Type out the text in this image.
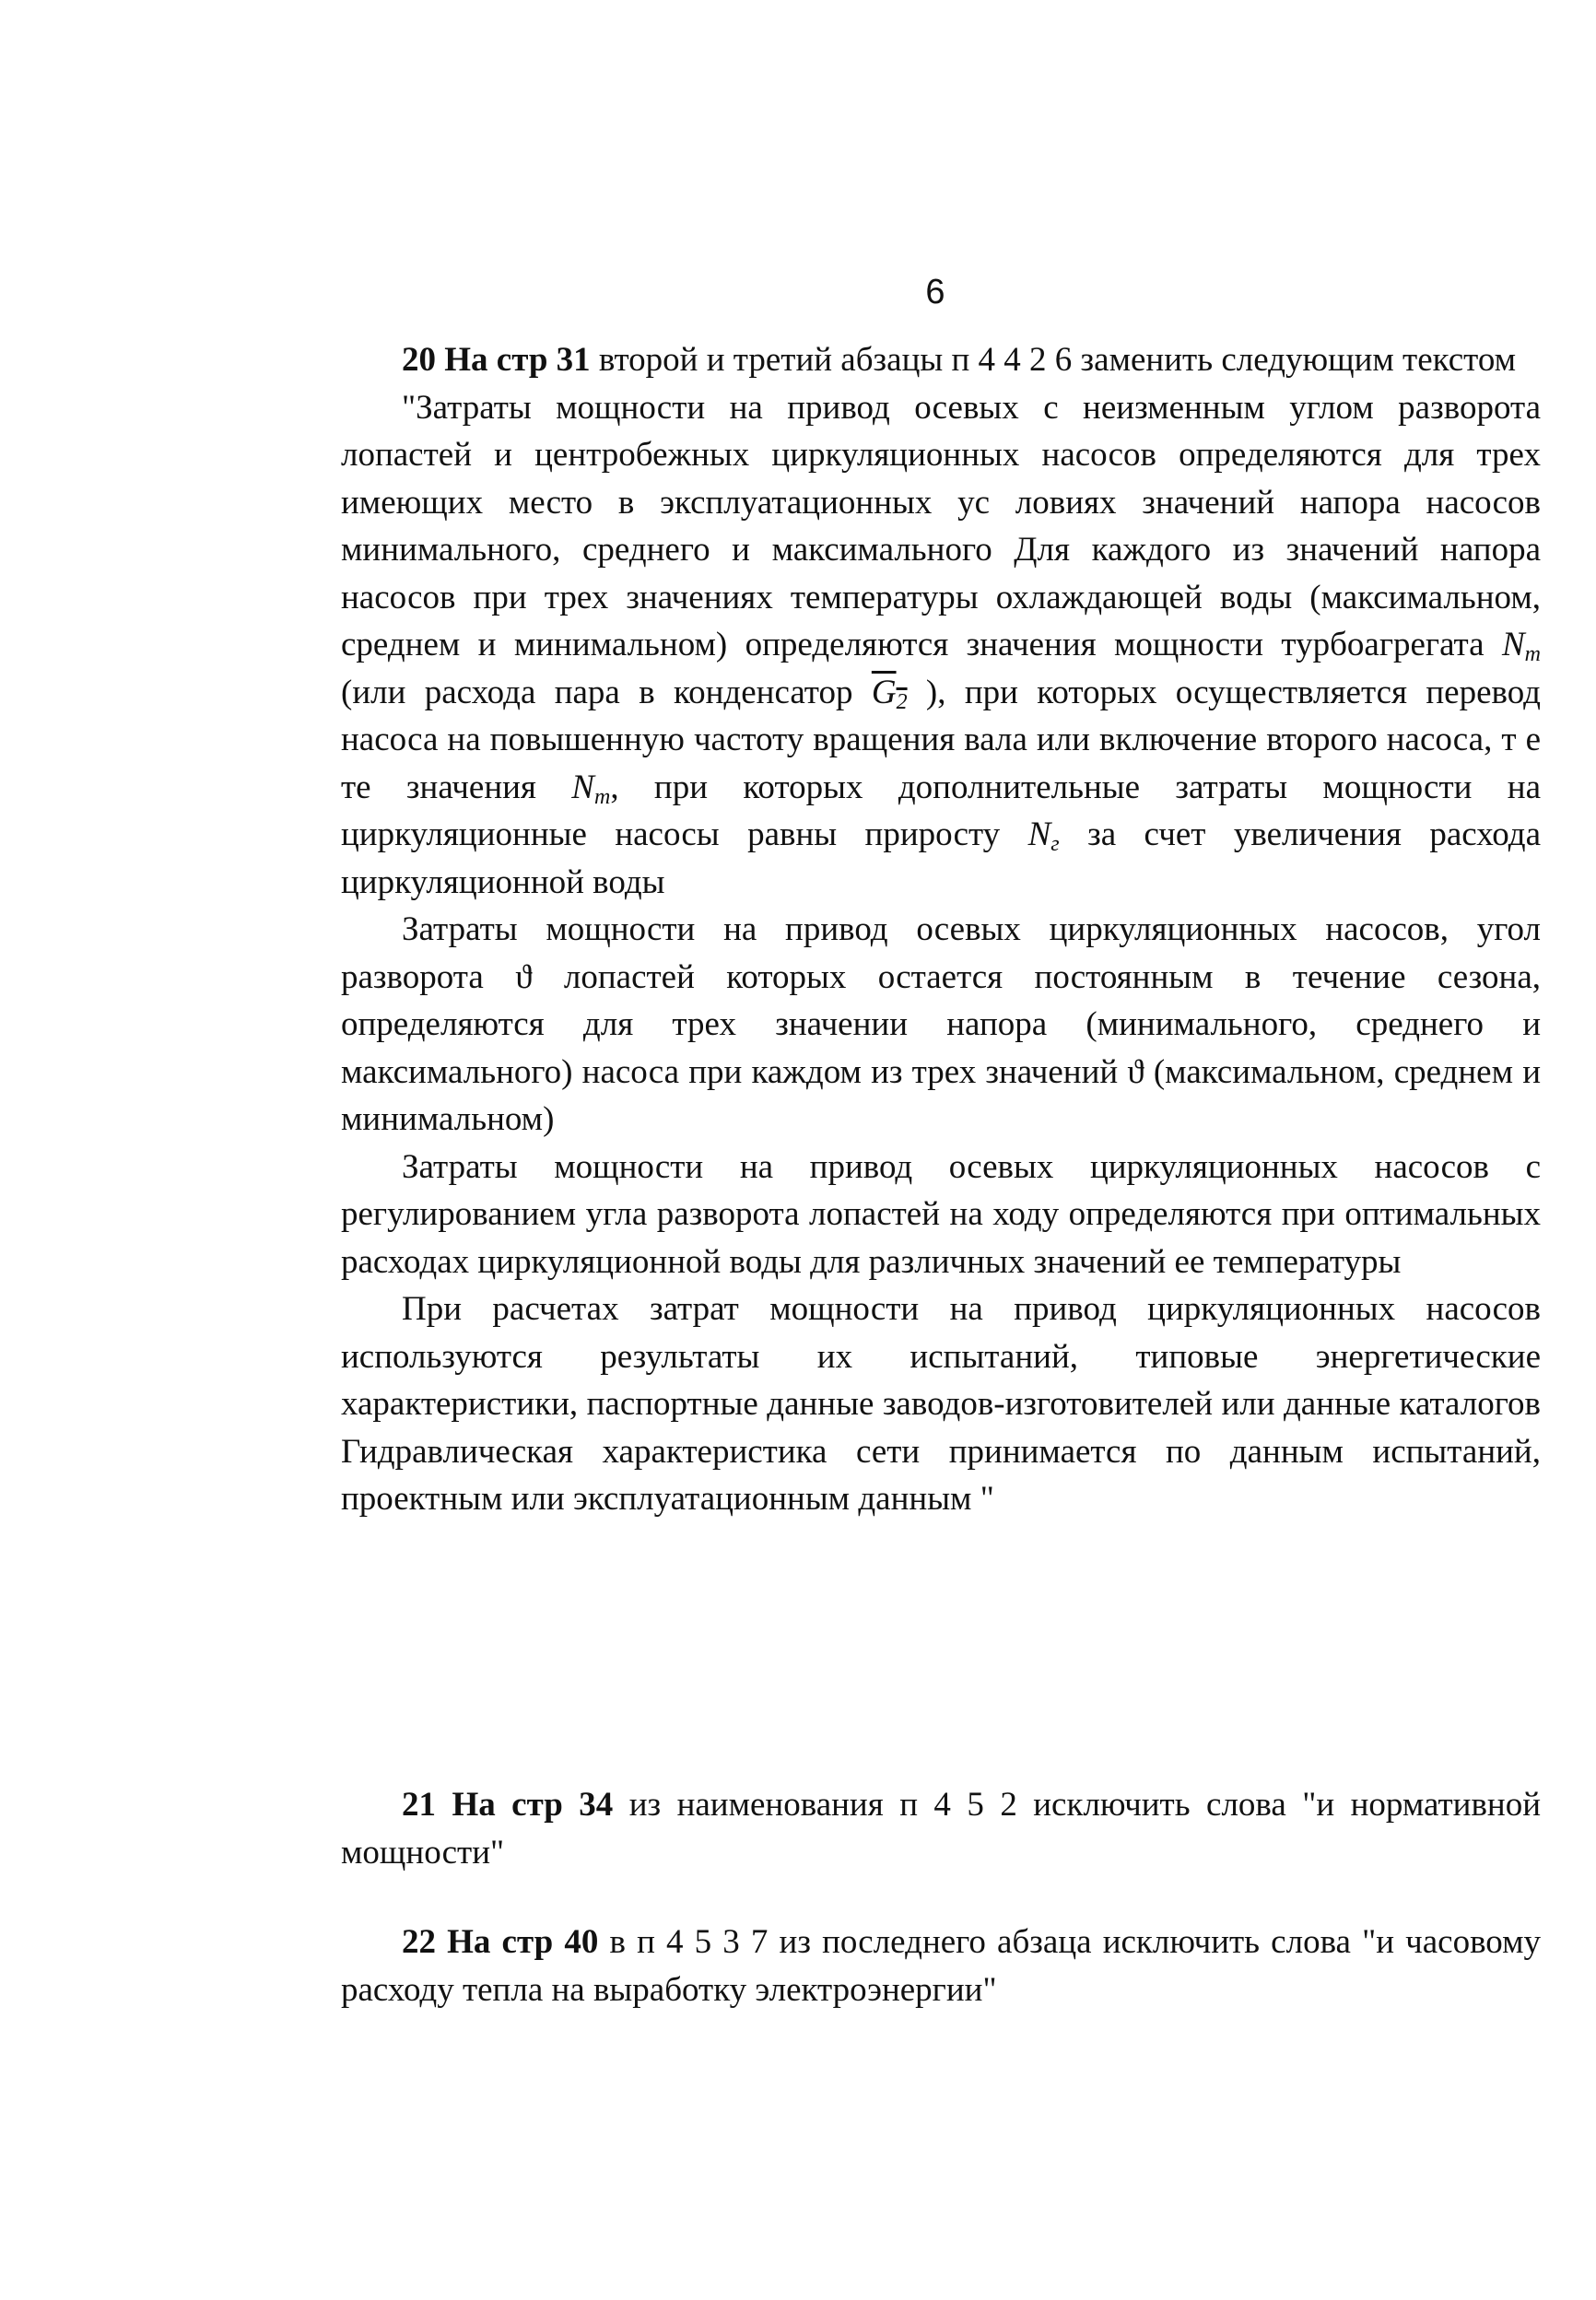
6

20 На стр 31 второй и третий абзацы п 4 4 2 6 заменить следующим текстом

"Затраты мощности на привод осевых с неизменным углом разворота лопастей и центробежных циркуляционных насосов определяются для трех имеющих место в эксплуатационных ус ловиях значений напора насосов минимального, среднего и максимального Для каждого из значений напора насосов при трех значениях температуры охлаждающей воды (максимальном, среднем и минимальном) определяются значения мощности турбоагрегата $N_т$ (или расхода пара в конденсатор $G_2$ ), при которых осуществляется перевод насоса на повышенную частоту вращения вала или включение второго насоса, т е те значения $N_т$, при которых дополнительные затраты мощности на циркуляционные насосы равны приросту $N_г$ за счет увеличения расхода циркуляционной воды

Затраты мощности на привод осевых циркуляционных насосов, угол разворота ϑ лопастей которых остается постоянным в течение сезона, определяются для трех значении напора (минимального, среднего и максимального) насоса при каждом из трех значений ϑ (максимальном, среднем и минимальном)

Затраты мощности на привод осевых циркуляционных насосов с регулированием угла разворота лопастей на ходу определяются при оптимальных расходах циркуляционной воды для различных значений ее температуры

При расчетах затрат мощности на привод циркуляционных насосов используются результаты их испытаний, типовые энергетические характеристики, паспортные данные заводов-изготовителей или данные каталогов Гидравлическая характеристика сети принимается по данным испытаний, проектным или эксплуатационным данным "

21 На стр 34 из наименования п 4 5 2 исключить слова "и нормативной мощности"

22 На стр 40 в п 4 5 3 7 из последнего абзаца исключить слова "и часовому расходу тепла на выработку электроэнергии"
